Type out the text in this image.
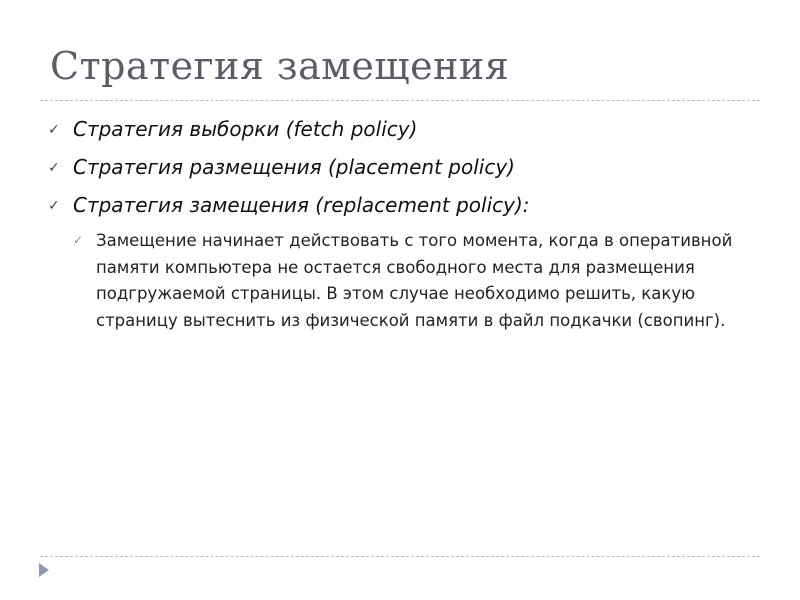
Стратегия замещения
✓ Стратегия выборки (fetch policy)
✓ Стратегия размещения (placement policy)
✓ Стратегия замещения (replacement policy):
✓ Замещение начинает действовать с того момента, когда в оперативной памяти компьютера не остается свободного места для размещения подгружаемой страницы. В этом случае необходимо решить, какую страницу вытеснить из физической памяти в файл подкачки (свопинг).
